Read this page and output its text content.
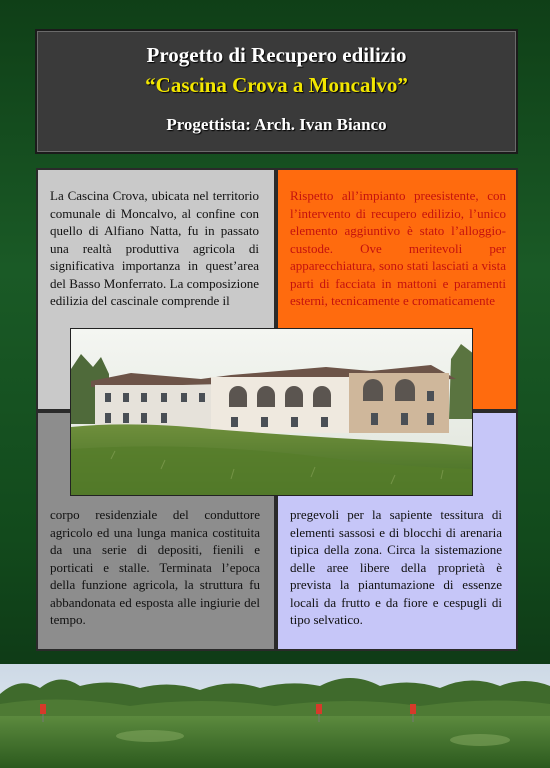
Progetto di Recupero edilizio
“Cascina Crova a Moncalvo”
Progettista: Arch. Ivan Bianco
La Cascina Crova, ubicata nel territorio comunale di Moncalvo, al confine con quello di Alfiano Natta, fu in passato una realtà produttiva agricola di significativa importanza in quest’area del Basso Monferrato. La composizione edilizia del cascinale comprende il
Rispetto all’impianto preesistente, con l’intervento di recupero edilizio, l’unico elemento aggiuntivo è stato l’alloggio-custode. Ove meritevoli per apparecchiatura, sono stati lasciati a vista parti di facciata in mattoni e paramenti esterni, tecnicamente e cromaticamente
corpo residenziale del conduttore agricolo ed una lunga manica costituita da una serie di depositi, fienili e porticati e stalle. Terminata l’epoca della funzione agricola, la struttura fu abbandonata ed esposta alle ingiurie del tempo.
pregevoli per la sapiente tessitura di elementi sassosi e di blocchi di arenaria tipica della zona. Circa la sistemazione delle aree libere della proprietà è prevista la piantumazione di essenze locali da frutto e da fiore e cespugli di tipo selvatico.
